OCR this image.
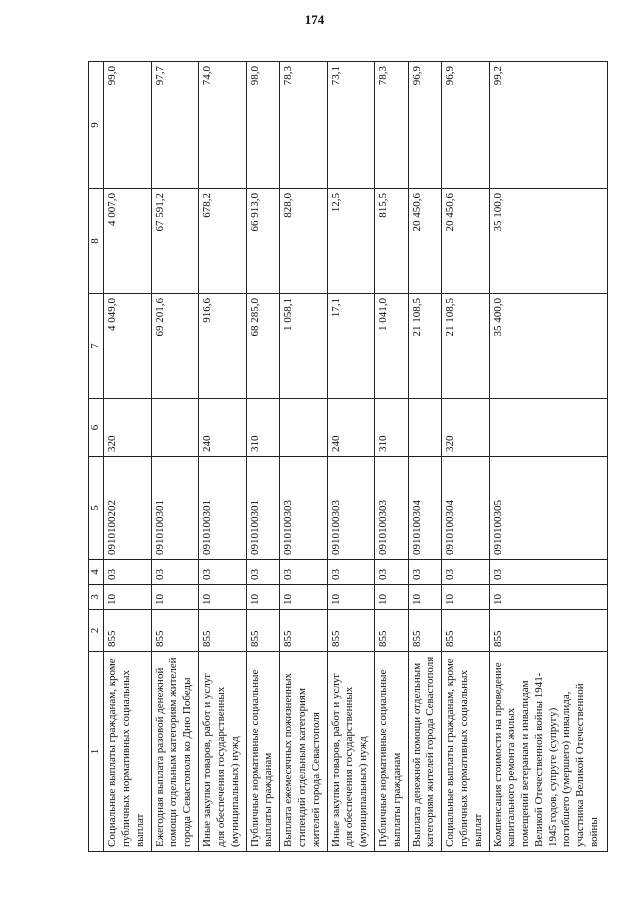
174
1	2	3	4	5	6	7	8	9
Социальные выплаты гражданам, кроме публичных нормативных социальных выплат	855	10	03	0910100202	320	4 049,0	4 007,0	99,0
Ежегодная выплата разовой денежной помощи отдельным категориям жителей города Севастополя ко Дню Победы	855	10	03	0910100301		69 201,6	67 591,2	97,7
Иные закупки товаров, работ и услуг для обеспечения государственных (муниципальных) нужд	855	10	03	0910100301	240	916,6	678,2	74,0
Публичные нормативные социальные выплаты гражданам	855	10	03	0910100301	310	68 285,0	66 913,0	98,0
Выплата ежемесячных пожизненных стипендий отдельным категориям жителей города Севастополя	855	10	03	0910100303		1 058,1	828,0	78,3
Иные закупки товаров, работ и услуг для обеспечения государственных (муниципальных) нужд	855	10	03	0910100303	240	17,1	12,5	73,1
Публичные нормативные социальные выплаты гражданам	855	10	03	0910100303	310	1 041,0	815,5	78,3
Выплата денежной помощи отдельным категориям жителей города Севастополя	855	10	03	0910100304		21 108,5	20 450,6	96,9
Социальные выплаты гражданам, кроме публичных нормативных социальных выплат	855	10	03	0910100304	320	21 108,5	20 450,6	96,9
Компенсация стоимости на проведение капитального ремонта жилых помещений ветеранам и инвалидам Великой Отечественной войны 1941-1945 годов, супруге (супругу) погибшего (умершего) инвалида, участника Великой Отечественной войны	855	10	03	0910100305		35 400,0	35 100,0	99,2
